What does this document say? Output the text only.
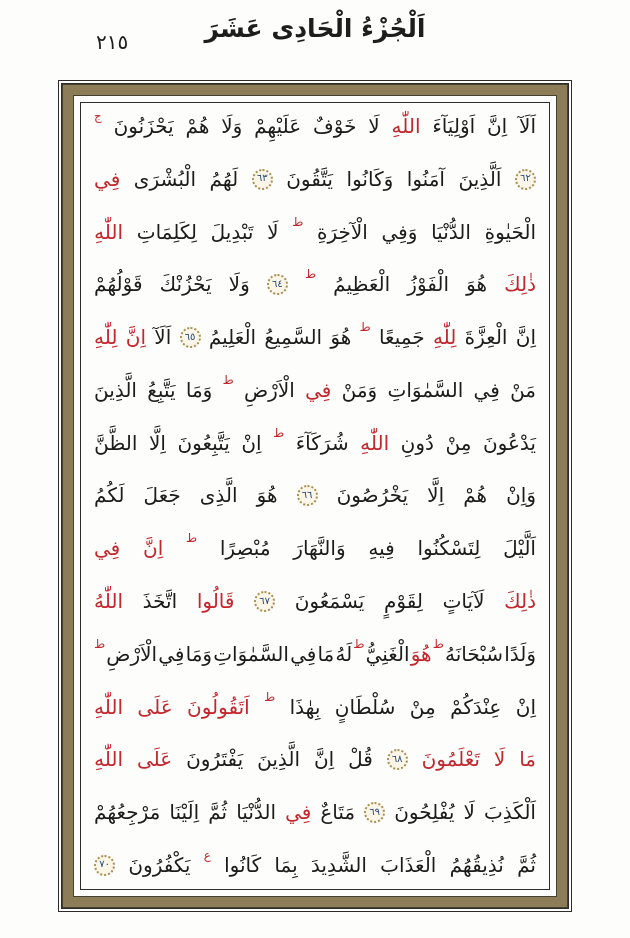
٢١٥	اَلْجُزْءُ الْحَادِى عَشَرَ
اَلَآ
اِنَّ
اَوْلِيَآءَ
اللّٰهِ
لَا
خَوْفٌ
عَلَيْهِمْ
وَلَا
هُمْ
يَحْزَنُونَ
ج
٦٢
اَلَّذِينَ
آمَنُوا
وَكَانُوا
يَتَّقُونَ
٦٣
لَهُمُ
الْبُشْرَى
فِي
الْحَيٰوةِ
الدُّنْيَا
وَفِي
الْآخِرَةِ
ط
لَا
تَبْدِيلَ
لِكَلِمَاتِ
اللّٰهِ
ذٰلِكَ
هُوَ
الْفَوْزُ
الْعَظِيمُ
ط
٦٤
وَلَا
يَحْزُنْكَ
قَوْلُهُمْ
اِنَّ
الْعِزَّةَ
لِلّٰهِ
جَمِيعًا
ط
هُوَ
السَّمِيعُ
الْعَلِيمُ
٦٥
اَلَآ
اِنَّ
لِلّٰهِ
مَنْ
فِي
السَّمٰوَاتِ
وَمَنْ
فِي
الْاَرْضِ
ط
وَمَا
يَتَّبِعُ
الَّذِينَ
يَدْعُونَ
مِنْ
دُونِ
اللّٰهِ
شُرَكَآءَ
ط
اِنْ
يَتَّبِعُونَ
اِلَّا
الظَّنَّ
وَاِنْ
هُمْ
اِلَّا
يَخْرُصُونَ
٦٦
هُوَ
الَّذِى
جَعَلَ
لَكُمُ
اَلَّيْلَ
لِتَسْكُنُوا
فِيهِ
وَالنَّهَارَ
مُبْصِرًا
ط
اِنَّ
فِي
ذٰلِكَ
لَآيَاتٍ
لِقَوْمٍ
يَسْمَعُونَ
٦٧
قَالُوا
اتَّخَذَ
اللّٰهُ
وَلَدًا
سُبْحَانَهُ
ط
هُوَ
الْغَنِيُّ
ط
لَهُ
مَا
فِي
السَّمٰوَاتِ
وَمَا
فِي
الْاَرْضِ
ط
اِنْ
عِنْدَكُمْ
مِنْ
سُلْطَانٍ
بِهٰذَا
ط
اَتَقُولُونَ
عَلَى
اللّٰهِ
مَا
لَا
تَعْلَمُونَ
٦٨
قُلْ
اِنَّ
الَّذِينَ
يَفْتَرُونَ
عَلَى
اللّٰهِ
اَلْكَذِبَ
لَا
يُفْلِحُونَ
٦٩
مَتَاعٌ
فِي
الدُّنْيَا
ثُمَّ
اِلَيْنَا
مَرْجِعُهُمْ
ثُمَّ
نُذِيقُهُمُ
الْعَذَابَ
الشَّدِيدَ
بِمَا
كَانُوا
ع
يَكْفُرُونَ
٧٠
